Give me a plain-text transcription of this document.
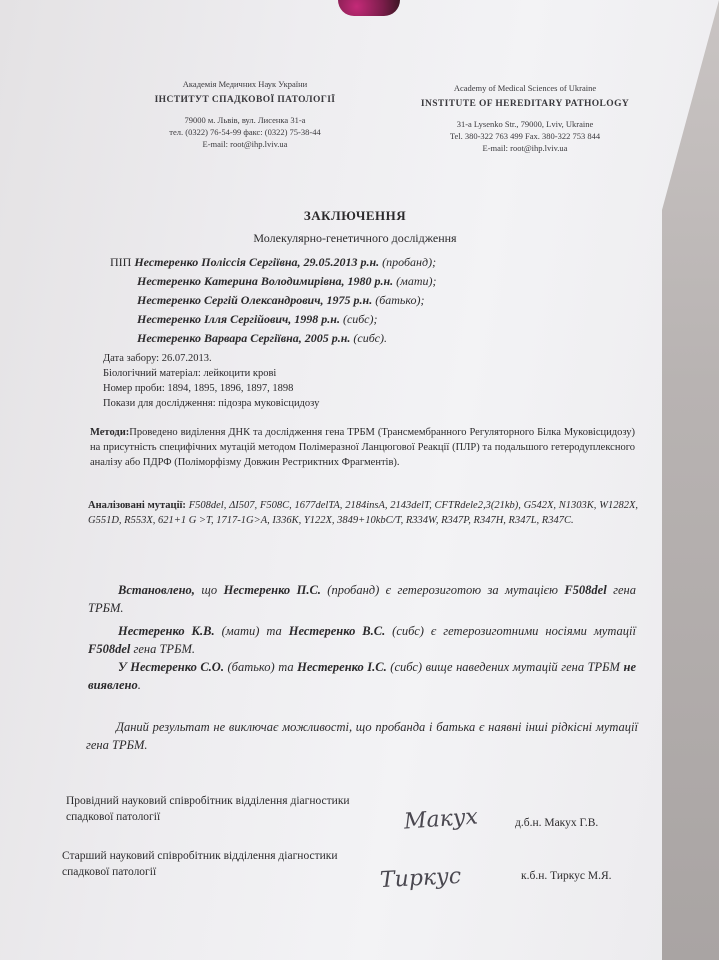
Академія Медичних Наук України
ІНСТИТУТ СПАДКОВОЇ ПАТОЛОГІЇ
79000 м. Львів, вул. Лисенка 31-а
тел. (0322) 76-54-99 факс: (0322) 75-38-44
E-mail: root@ihp.lviv.ua
Academy of Medical Sciences of Ukraine
INSTITUTE OF HEREDITARY PATHOLOGY
31-a Lysenko Str., 79000, Lviv, Ukraine
Tel. 380-322 763 499 Fax. 380-322 753 844
E-mail: root@ihp.lviv.ua
ЗАКЛЮЧЕННЯ
Молекулярно-генетичного дослідження
ПІП Нестеренко Поліссія Сергіївна, 29.05.2013 р.н. (пробанд);
Нестеренко Катерина Володимирівна, 1980 р.н. (мати);
Нестеренко Сергій Олександрович, 1975 р.н. (батько);
Нестеренко Ілля Сергійович, 1998 р.н. (сибс);
Нестеренко Варвара Сергіївна, 2005 р.н. (сибс).
Дата забору: 26.07.2013.
Біологічний матеріал: лейкоцити крові
Номер проби: 1894, 1895, 1896, 1897, 1898
Покази для дослідження: підозра муковісцидозу
Методи:Проведено виділення ДНК та дослідження гена ТРБМ (Трансмембранного Регуляторного Білка Муковісцидозу) на присутність специфічних мутацій методом Полімеразної Ланцюгової Реакції (ПЛР) та подальшого гетеродуплексного аналізу або ПДРФ (Поліморфізму Довжин Рестриктних Фрагментів).
Аналізовані мутації: F508del, ΔI507, F508C, 1677delTA, 2184insA, 2143delT, CFTRdele2,3(21kb), G542X, N1303K, W1282X, G551D, R553X, 621+1 G >T, 1717-1G>A, I336K, Y122X, 3849+10kbC/T, R334W, R347P, R347H, R347L, R347C.
Встановлено, що Нестеренко П.С. (пробанд) є гетерозиготою за мутацією F508del гена ТРБМ.
Нестеренко К.В. (мати) та Нестеренко В.С. (сибс) є гетерозиготними носіями мутації F508del гена ТРБМ.
У Нестеренко С.О. (батько) та Нестеренко І.С. (сибс) вище наведених мутацій гена ТРБМ не виявлено.
Даний результат не виключає можливості, що пробанда і батька є наявні інші рідкісні мутації гена ТРБМ.
Провідний науковий співробітник відділення діагностики спадкової патології	Макух	д.б.н. Макух Г.В.
Старший науковий співробітник відділення діагностики спадкової патології	Тиркус	к.б.н. Тиркус М.Я.
